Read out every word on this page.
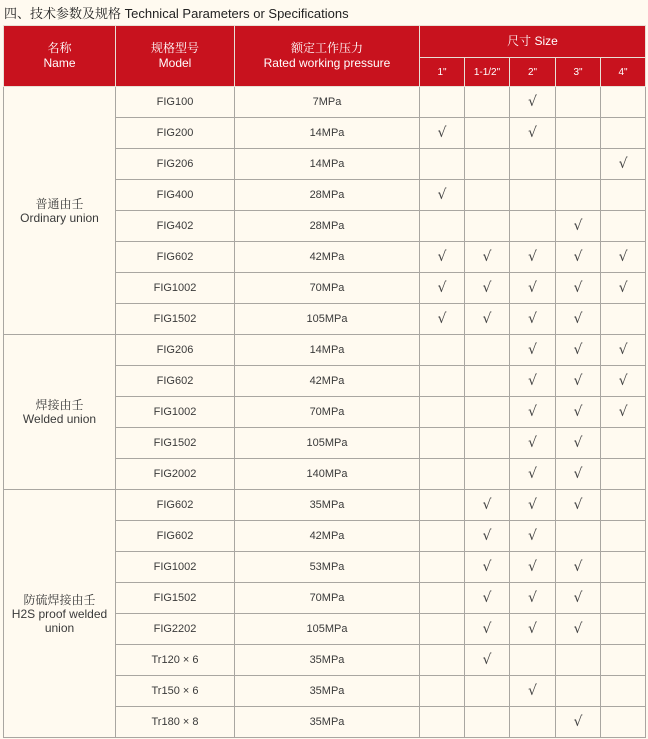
四、技术参数及规格 Technical Parameters or Specifications
名称
Name	规格型号
Model	额定工作压力
Rated working pressure	尺寸 Size				
			1"	1-1/2"	2"	3"	4"

普通由壬
Ordinary union	FIG100	7MPa			√		
	FIG200	14MPa	√		√		
	FIG206	14MPa					√
	FIG400	28MPa	√				
	FIG402	28MPa				√	
	FIG602	42MPa	√	√	√	√	√
	FIG1002	70MPa	√	√	√	√	√
	FIG1502	105MPa	√	√	√	√	

焊接由壬
Welded union	FIG206	14MPa			√	√	√
	FIG602	42MPa			√	√	√
	FIG1002	70MPa			√	√	√
	FIG1502	105MPa			√	√	
	FIG2002	140MPa			√	√	

防硫焊接由壬
H2S proof welded union	FIG602	35MPa		√	√	√	
	FIG602	42MPa		√	√		
	FIG1002	53MPa		√	√	√	
	FIG1502	70MPa		√	√	√	
	FIG2202	105MPa		√	√	√	
	Tr120 × 6	35MPa		√			
	Tr150 × 6	35MPa			√		
	Tr180 × 8	35MPa				√	
